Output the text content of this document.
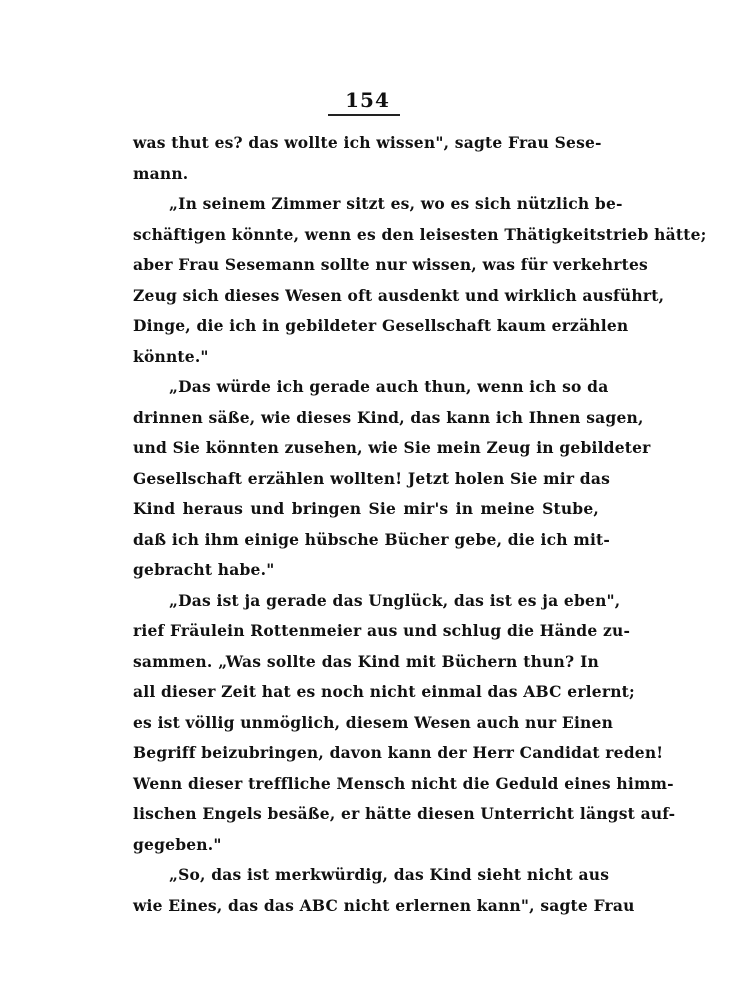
154
was thut es? das wollte ich wissen", sagte Frau Sese-
mann.
„In seinem Zimmer sitzt es, wo es sich nützlich be-
schäftigen könnte, wenn es den leisesten Thätigkeitstrieb hätte;
aber Frau Sesemann sollte nur wissen, was für verkehrtes
Zeug sich dieses Wesen oft ausdenkt und wirklich ausführt,
Dinge, die ich in gebildeter Gesellschaft kaum erzählen
könnte."
„Das würde ich gerade auch thun, wenn ich so da
drinnen säße, wie dieses Kind, das kann ich Ihnen sagen,
und Sie könnten zusehen, wie Sie mein Zeug in gebildeter
Gesellschaft erzählen wollten! Jetzt holen Sie mir das
Kind heraus und bringen Sie mir's in meine Stube,
daß ich ihm einige hübsche Bücher gebe, die ich mit-
gebracht habe."
„Das ist ja gerade das Unglück, das ist es ja eben",
rief Fräulein Rottenmeier aus und schlug die Hände zu-
sammen. „Was sollte das Kind mit Büchern thun? In
all dieser Zeit hat es noch nicht einmal das ABC erlernt;
es ist völlig unmöglich, diesem Wesen auch nur Einen
Begriff beizubringen, davon kann der Herr Candidat reden!
Wenn dieser treffliche Mensch nicht die Geduld eines himm-
lischen Engels besäße, er hätte diesen Unterricht längst auf-
gegeben."
„So, das ist merkwürdig, das Kind sieht nicht aus
wie Eines, das das ABC nicht erlernen kann", sagte Frau
